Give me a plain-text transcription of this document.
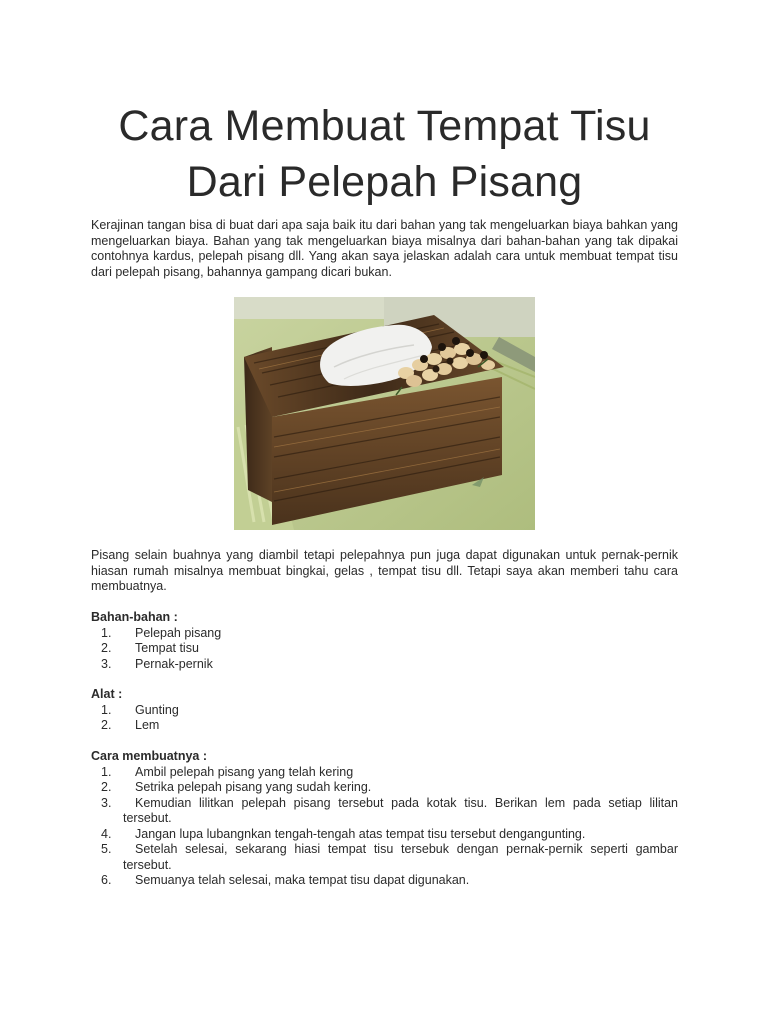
Cara Membuat Tempat Tisu
Dari Pelepah Pisang

Kerajinan tangan bisa di buat dari apa saja baik itu dari bahan yang tak mengeluarkan biaya bahkan yang mengeluarkan biaya. Bahan yang tak mengeluarkan biaya misalnya dari bahan-bahan yang tak dipakai contohnya kardus, pelepah pisang dll. Yang akan saya jelaskan adalah cara untuk membuat tempat tisu dari pelepah pisang, bahannya gampang dicari bukan.

Pisang selain buahnya yang diambil tetapi pelepahnya pun juga dapat digunakan untuk pernak-pernik hiasan rumah misalnya membuat bingkai, gelas , tempat tisu dll. Tetapi saya akan memberi tahu cara membuatnya.

Bahan-bahan :
1. Pelepah pisang
2. Tempat tisu
3. Pernak-pernik
Alat :
1. Gunting
2. Lem
Cara membuatnya :
1. Ambil pelepah pisang yang telah kering
2. Setrika pelepah pisang yang sudah kering.
3. Kemudian lilitkan pelepah pisang tersebut pada kotak tisu. Berikan lem pada setiap lilitan tersebut.
4. Jangan lupa lubangnkan tengah-tengah atas tempat tisu tersebut dengangunting.
5. Setelah selesai, sekarang hiasi tempat tisu tersebuk dengan pernak-pernik seperti gambar tersebut.
6. Semuanya telah selesai, maka tempat tisu dapat digunakan.
